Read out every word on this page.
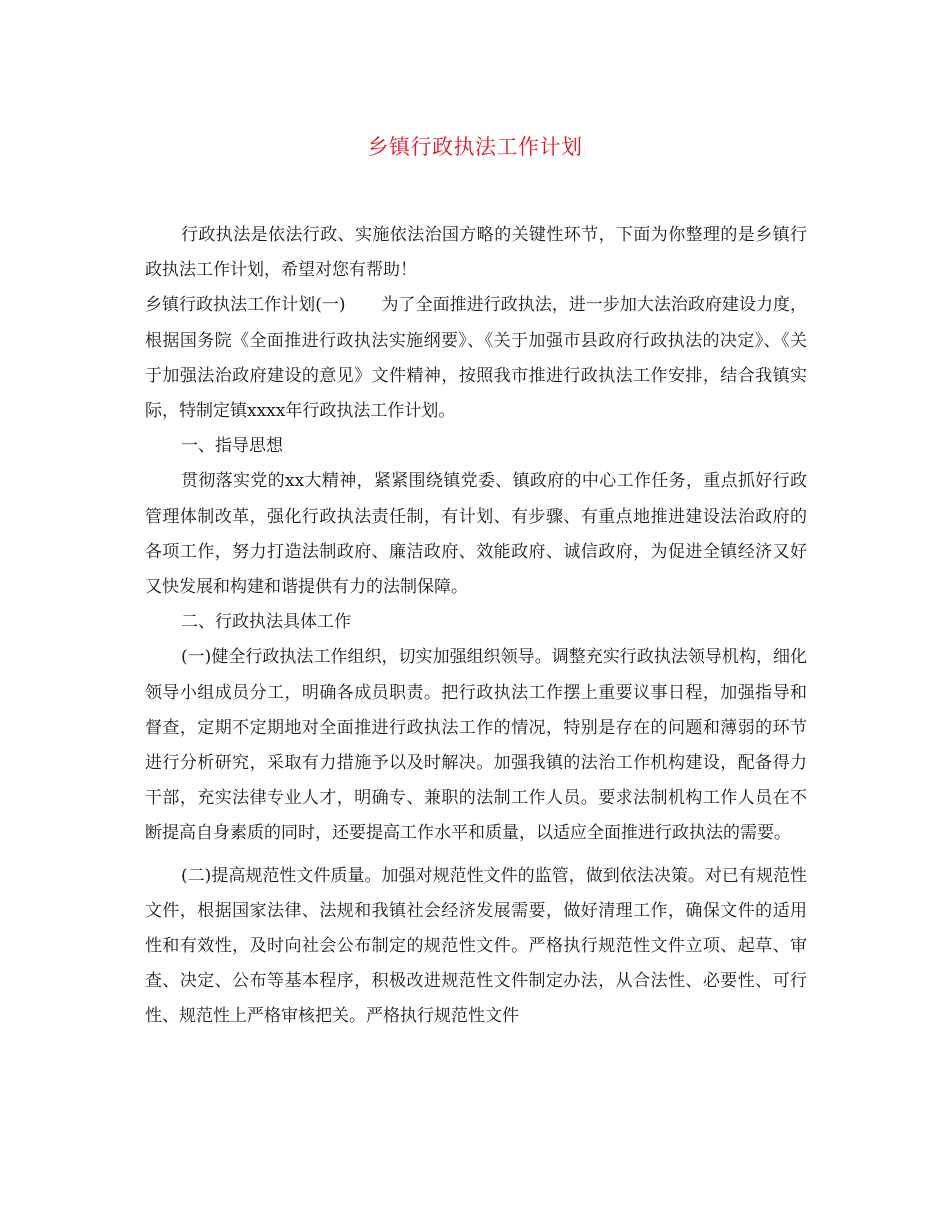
乡镇行政执法工作计划

行政执法是依法行政、实施依法治国方略的关键性环节，下面为你整理的是乡镇行政执法工作计划，希望对您有帮助！

乡镇行政执法工作计划(一) 为了全面推进行政执法，进一步加大法治政府建设力度，根据国务院《全面推进行政执法实施纲要》、《关于加强市县政府行政执法的决定》、《关于加强法治政府建设的意见》文件精神，按照我市推进行政执法工作安排，结合我镇实际，特制定镇xxxx年行政执法工作计划。

一、指导思想

贯彻落实党的xx大精神，紧紧围绕镇党委、镇政府的中心工作任务，重点抓好行政管理体制改革，强化行政执法责任制，有计划、有步骤、有重点地推进建设法治政府的各项工作，努力打造法制政府、廉洁政府、效能政府、诚信政府，为促进全镇经济又好又快发展和构建和谐提供有力的法制保障。

二、行政执法具体工作

(一)健全行政执法工作组织，切实加强组织领导。调整充实行政执法领导机构，细化领导小组成员分工，明确各成员职责。把行政执法工作摆上重要议事日程，加强指导和督查，定期不定期地对全面推进行政执法工作的情况，特别是存在的问题和薄弱的环节进行分析研究，采取有力措施予以及时解决。加强我镇的法治工作机构建设，配备得力干部，充实法律专业人才，明确专、兼职的法制工作人员。要求法制机构工作人员在不断提高自身素质的同时，还要提高工作水平和质量，以适应全面推进行政执法的需要。

(二)提高规范性文件质量。加强对规范性文件的监管，做到依法决策。对已有规范性文件，根据国家法律、法规和我镇社会经济发展需要，做好清理工作，确保文件的适用性和有效性，及时向社会公布制定的规范性文件。严格执行规范性文件立项、起草、审查、决定、公布等基本程序，积极改进规范性文件制定办法，从合法性、必要性、可行性、规范性上严格审核把关。严格执行规范性文件
